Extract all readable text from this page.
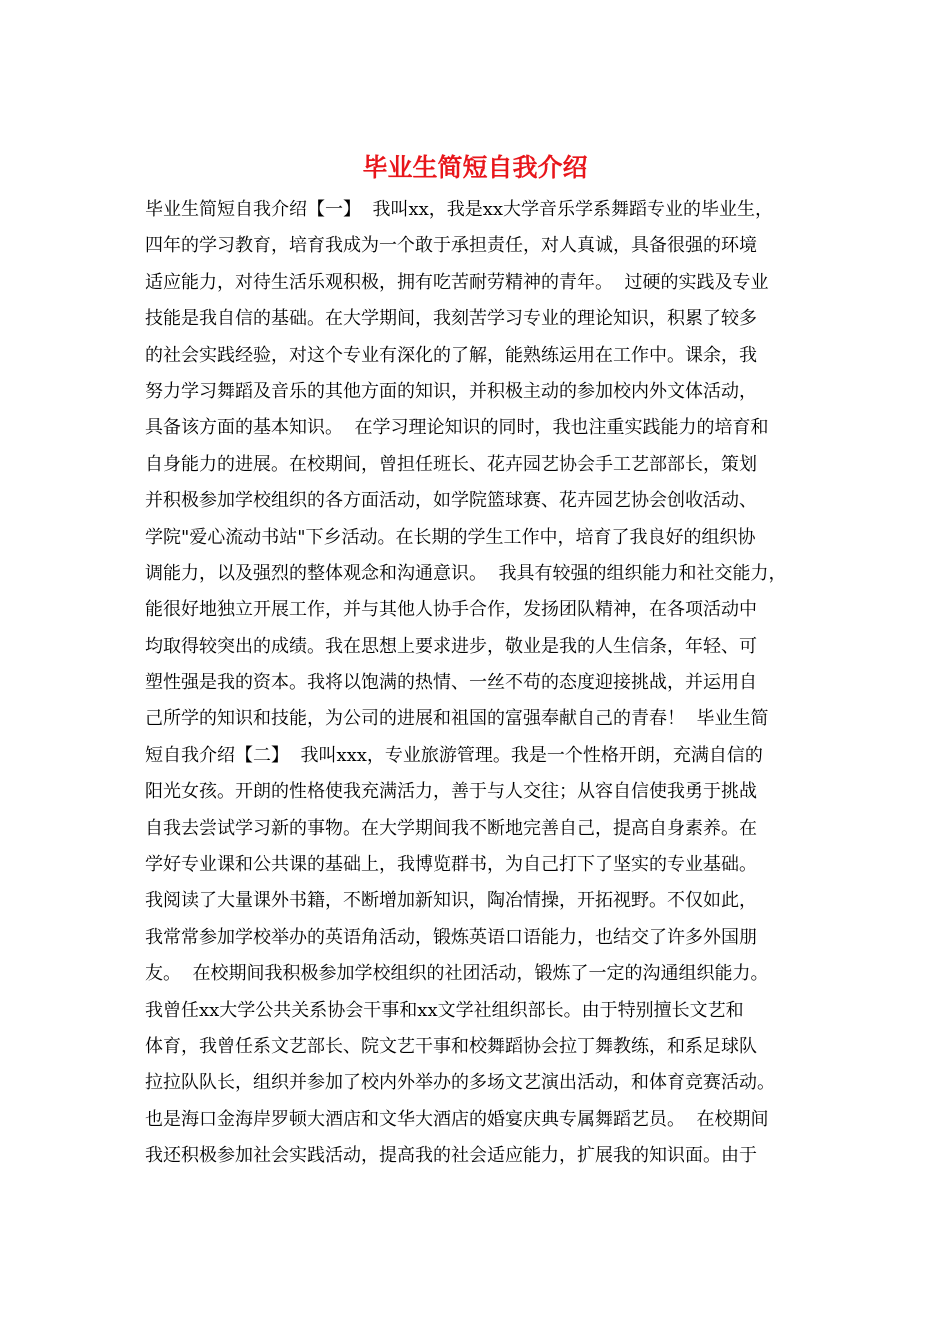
毕业生简短自我介绍
毕业生简短自我介绍【一】  我叫xx，我是xx大学音乐学系舞蹈专业的毕业生，
四年的学习教育，培育我成为一个敢于承担责任，对人真诚，具备很强的环境
适应能力，对待生活乐观积极，拥有吃苦耐劳精神的青年。  过硬的实践及专业
技能是我自信的基础。在大学期间，我刻苦学习专业的理论知识，积累了较多
的社会实践经验，对这个专业有深化的了解，能熟练运用在工作中。课余，我
努力学习舞蹈及音乐的其他方面的知识，并积极主动的参加校内外文体活动，
具备该方面的基本知识。  在学习理论知识的同时，我也注重实践能力的培育和
自身能力的进展。在校期间，曾担任班长、花卉园艺协会手工艺部部长，策划
并积极参加学校组织的各方面活动，如学院篮球赛、花卉园艺协会创收活动、
学院"爱心流动书站"下乡活动。在长期的学生工作中，培育了我良好的组织协
调能力，以及强烈的整体观念和沟通意识。  我具有较强的组织能力和社交能力，
能很好地独立开展工作，并与其他人协手合作，发扬团队精神，在各项活动中
均取得较突出的成绩。我在思想上要求进步，敬业是我的人生信条，年轻、可
塑性强是我的资本。我将以饱满的热情、一丝不苟的态度迎接挑战，并运用自
己所学的知识和技能，为公司的进展和祖国的富强奉献自己的青春！  毕业生简
短自我介绍【二】  我叫xxx，专业旅游管理。我是一个性格开朗，充满自信的
阳光女孩。开朗的性格使我充满活力，善于与人交往；从容自信使我勇于挑战
自我去尝试学习新的事物。在大学期间我不断地完善自己，提高自身素养。在
学好专业课和公共课的基础上，我博览群书，为自己打下了坚实的专业基础。
我阅读了大量课外书籍，不断增加新知识，陶冶情操，开拓视野。不仅如此，
我常常参加学校举办的英语角活动，锻炼英语口语能力，也结交了许多外国朋
友。  在校期间我积极参加学校组织的社团活动，锻炼了一定的沟通组织能力。
我曾任xx大学公共关系协会干事和xx文学社组织部长。由于特别擅长文艺和
体育，我曾任系文艺部长、院文艺干事和校舞蹈协会拉丁舞教练，和系足球队
拉拉队队长，组织并参加了校内外举办的多场文艺演出活动，和体育竞赛活动。
也是海口金海岸罗顿大酒店和文华大酒店的婚宴庆典专属舞蹈艺员。  在校期间
我还积极参加社会实践活动，提高我的社会适应能力，扩展我的知识面。由于
